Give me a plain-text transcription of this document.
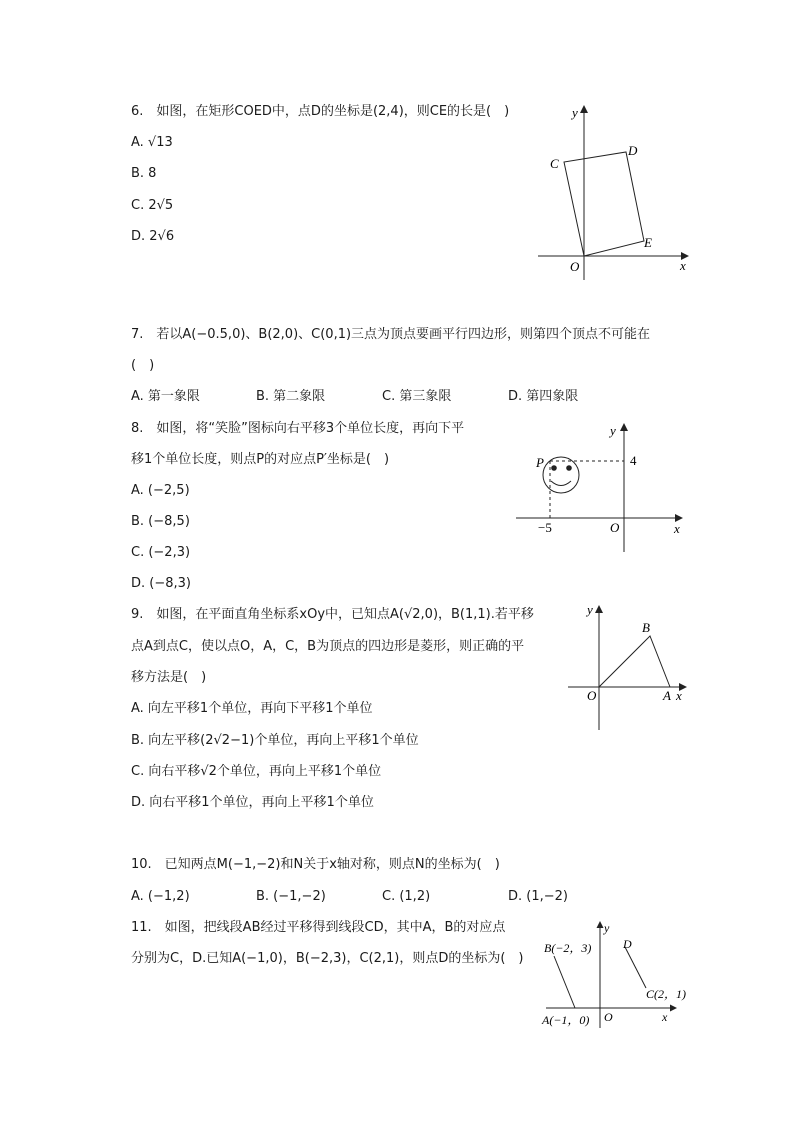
6.　如图，在矩形COED中，点D的坐标是(2,4)，则CE的长是(　)
A. √13
B. 8
C. 2√5
D. 2√6
y
x
O
C
D
E
7.　若以A(−0.5,0)、B(2,0)、C(0,1)三点为顶点要画平行四边形，则第四个顶点不可能在
(　)
A. 第一象限	B. 第二象限	C. 第三象限	D. 第四象限
8.　如图，将“笑脸”图标向右平移3个单位长度，再向下平
移1个单位长度，则点P的对应点P′坐标是(　)
A. (−2,5)
B. (−8,5)
C. (−2,3)
D. (−8,3)
y
x
O
P	4
−5
9.　如图，在平面直角坐标系xOy中，已知点A(√2,0)，B(1,1).若平移
点A到点C，使以点O，A，C，B为顶点的四边形是菱形，则正确的平
移方法是(　)
A. 向左平移1个单位，再向下平移1个单位
B. 向左平移(2√2−1)个单位，再向上平移1个单位
C. 向右平移√2个单位，再向上平移1个单位
D. 向右平移1个单位，再向上平移1个单位
y
x
O
B
A
10.　已知两点M(−1,−2)和N关于x轴对称，则点N的坐标为(　)
A. (−1,2)	B. (−1,−2)	C. (1,2)	D. (1,−2)
11.　如图，把线段AB经过平移得到线段CD，其中A，B的对应点
分别为C，D.已知A(−1,0)，B(−2,3)，C(2,1)，则点D的坐标为(　)
y
x
O
B(−2，3)
A(−1，0)
D
C(2，1)
